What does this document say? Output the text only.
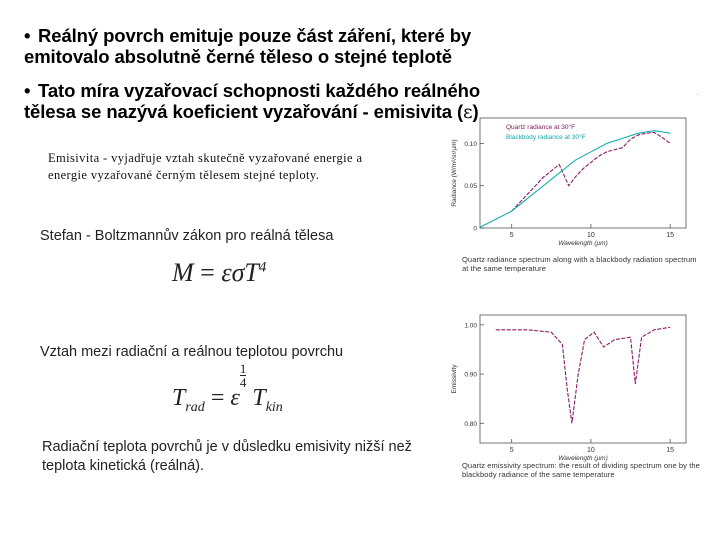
• Reálný povrch emituje pouze část záření, které by emitovalo absolutně černé těleso o stejné teplotě
• Tato míra vyzařovací schopnosti každého reálného tělesa se nazývá koeficient vyzařování - emisivita (ε)
Emisivita - vyjadřuje vztah skutečně vyzařované energie a energie vyzařované černým tělesem stejné teploty.
Stefan - Boltzmannův zákon pro reálná tělesa
M = εσT$^4$
Vztah mezi radiační a reálnou teplotou povrchu
$T_{rad} = \varepsilon$
$\frac{1}{4}$
$T_{kin}$
Radiační teplota povrchů je v důsledku emisivity nižší než teplota kinetická (reálná).
.
5	10	15
0.10
0.05
0
Wavelength (µm)
Radiance (W/m²/sr/µm)
Quartz radiance at 30°F
Blackbody radiance at 30°F
Quartz radiance spectrum along with a blackbody radiation spectrum at the same temperature
5	10	15
1.00
0.90
0.80
Wavelength (µm)
Emissivity
Quartz emissivity spectrum: the result of dividing spectrum one by the blackbody radiance of the same temperature
